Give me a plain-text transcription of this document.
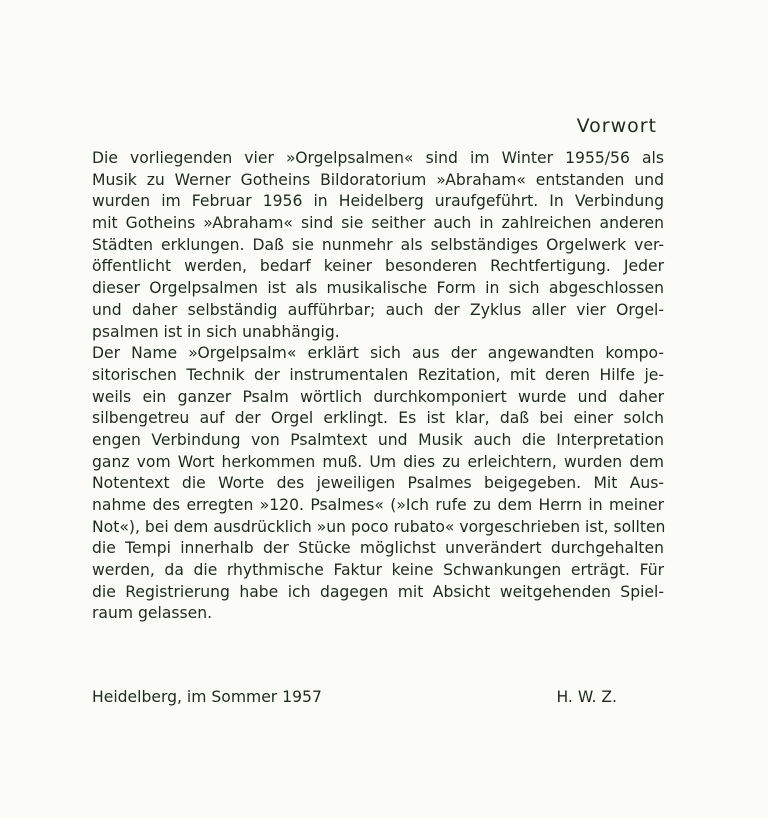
Vorwort
Die vorliegenden vier »Orgelpsalmen« sind im Winter 1955/56 als
Musik zu Werner Gotheins Bildoratorium »Abraham« entstanden und
wurden im Februar 1956 in Heidelberg uraufgeführt. In Verbindung
mit Gotheins »Abraham« sind sie seither auch in zahlreichen anderen
Städten erklungen. Daß sie nunmehr als selbständiges Orgelwerk ver-
öffentlicht werden, bedarf keiner besonderen Rechtfertigung. Jeder
dieser Orgelpsalmen ist als musikalische Form in sich abgeschlossen
und daher selbständig aufführbar; auch der Zyklus aller vier Orgel-
psalmen ist in sich unabhängig.
Der Name »Orgelpsalm« erklärt sich aus der angewandten kompo-
sitorischen Technik der instrumentalen Rezitation, mit deren Hilfe je-
weils ein ganzer Psalm wörtlich durchkomponiert wurde und daher
silbengetreu auf der Orgel erklingt. Es ist klar, daß bei einer solch
engen Verbindung von Psalmtext und Musik auch die Interpretation
ganz vom Wort herkommen muß. Um dies zu erleichtern, wurden dem
Notentext die Worte des jeweiligen Psalmes beigegeben. Mit Aus-
nahme des erregten »120. Psalmes« (»Ich rufe zu dem Herrn in meiner
Not«), bei dem ausdrücklich »un poco rubato« vorgeschrieben ist, sollten
die Tempi innerhalb der Stücke möglichst unverändert durchgehalten
werden, da die rhythmische Faktur keine Schwankungen erträgt. Für
die Registrierung habe ich dagegen mit Absicht weitgehenden Spiel-
raum gelassen.
Heidelberg, im Sommer 1957	H. W. Z.
